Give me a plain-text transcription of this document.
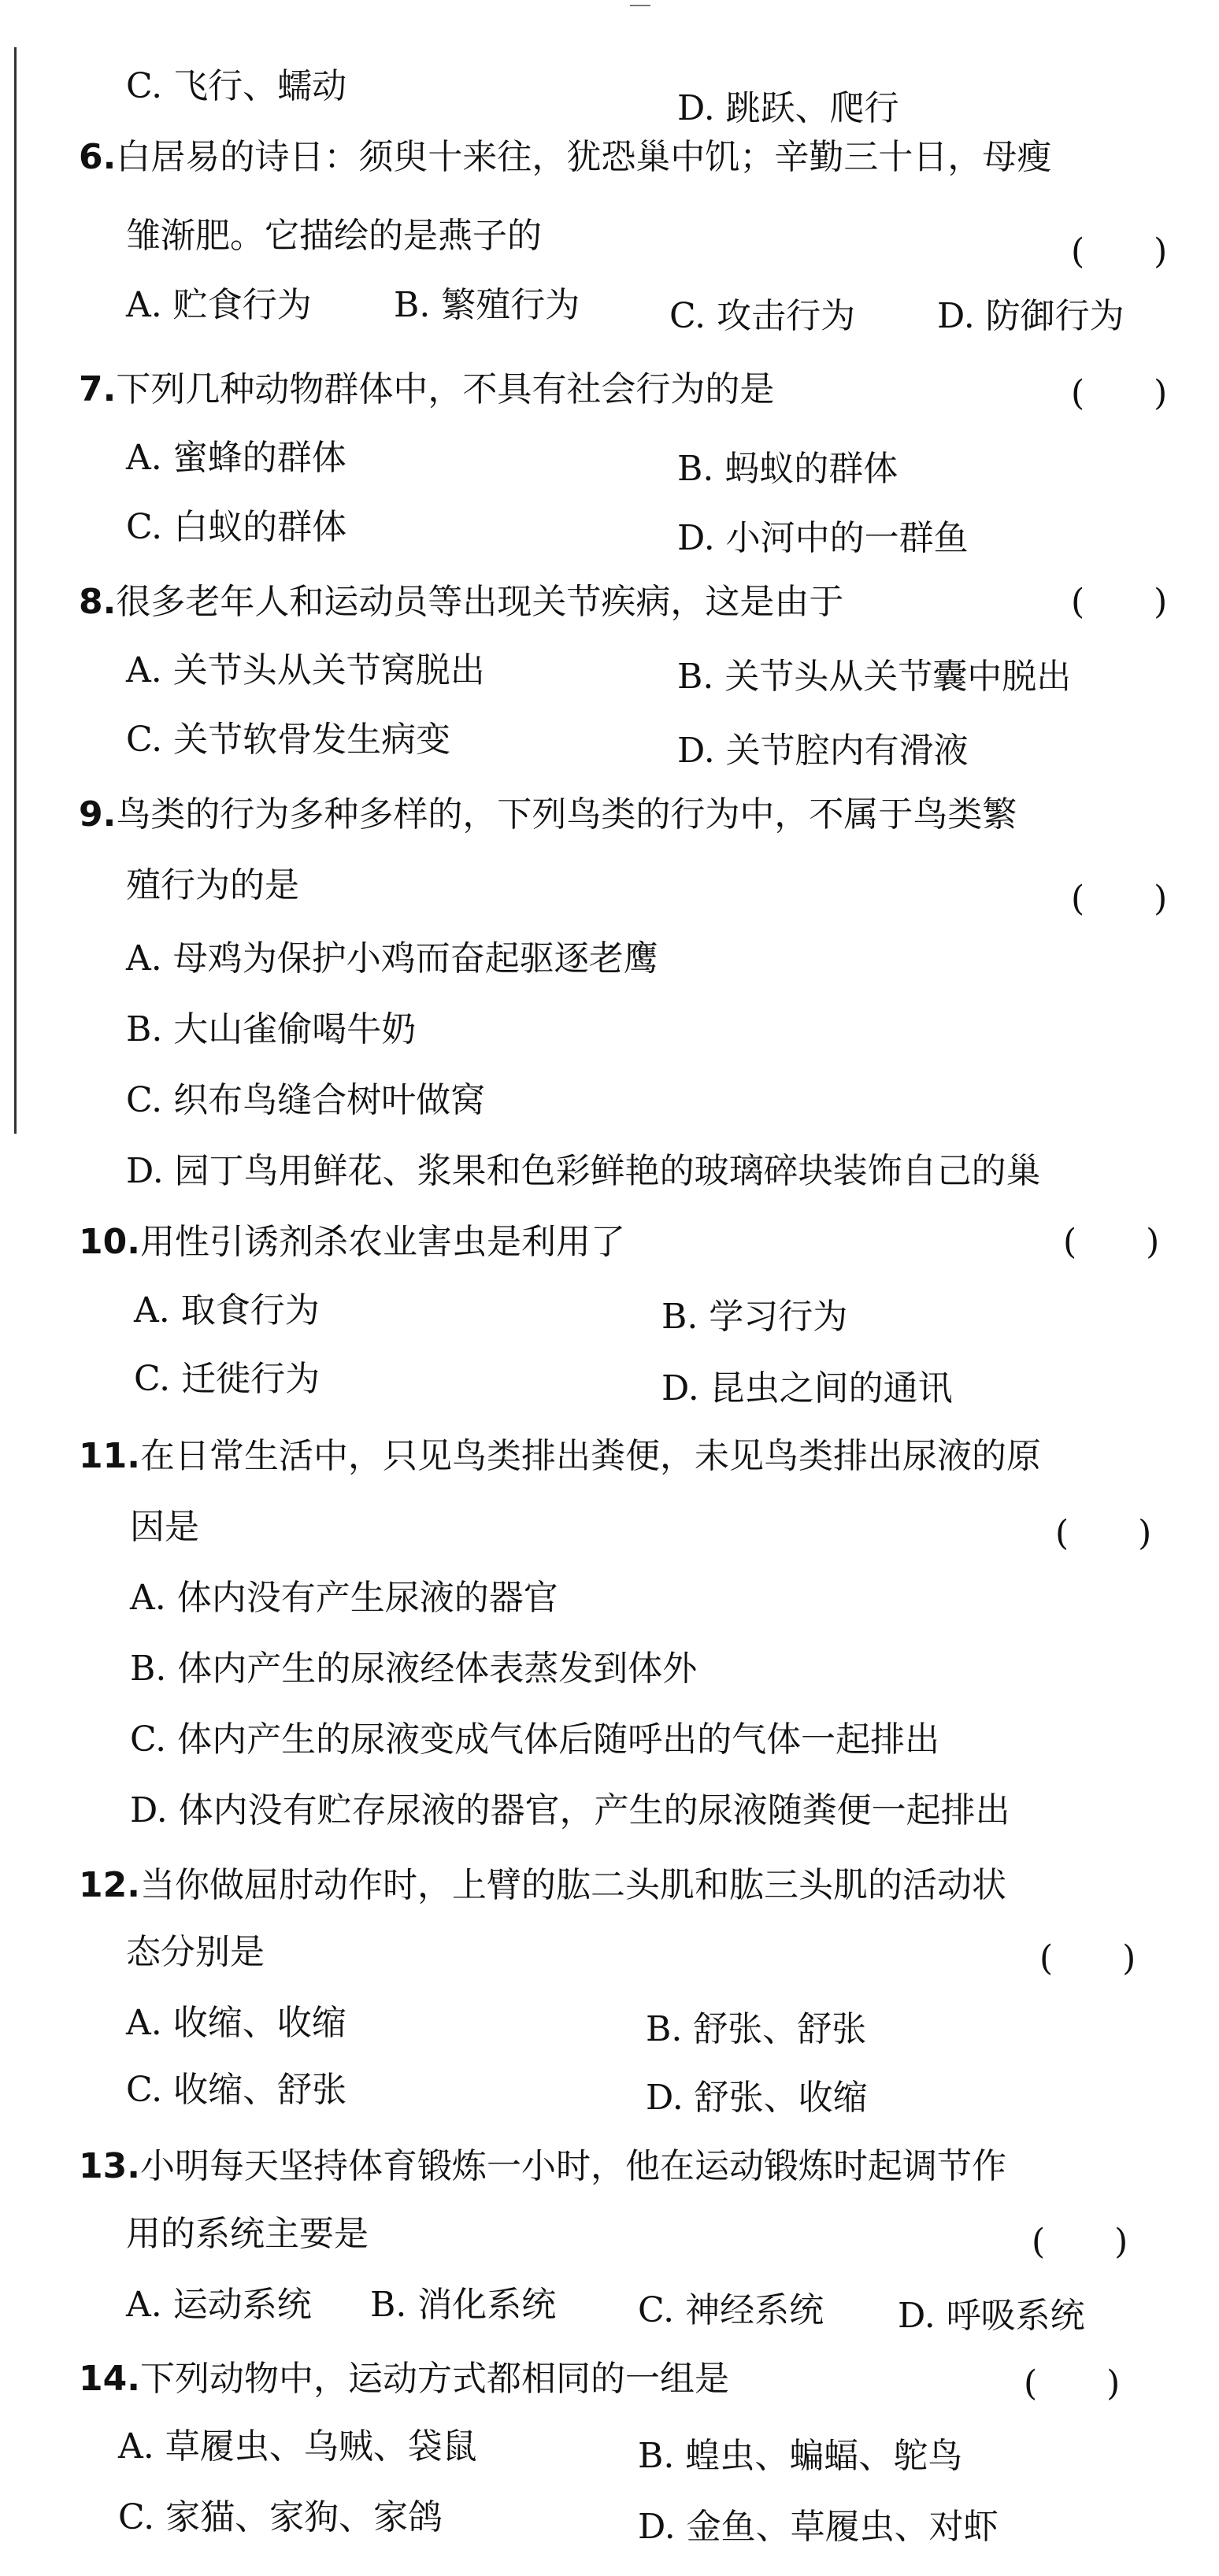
C. 飞行、蠕动
D. 跳跃、爬行
6.白居易的诗日：须臾十来往，犹恐巢中饥；辛勤三十日，母瘦
雏渐肥。它描绘的是燕子的	(　　)
A. 贮食行为 B. 繁殖行为	C. 攻击行为 D. 防御行为
7.下列几种动物群体中，不具有社会行为的是	(　　)
A. 蜜蜂的群体	B. 蚂蚁的群体
C. 白蚁的群体	D. 小河中的一群鱼
8.很多老年人和运动员等出现关节疾病，这是由于	(　　)
A. 关节头从关节窝脱出	B. 关节头从关节囊中脱出
C. 关节软骨发生病变	D. 关节腔内有滑液
9.鸟类的行为多种多样的，下列鸟类的行为中，不属于鸟类繁
殖行为的是	(　　)
A. 母鸡为保护小鸡而奋起驱逐老鹰
B. 大山雀偷喝牛奶
C. 织布鸟缝合树叶做窝
D. 园丁鸟用鲜花、浆果和色彩鲜艳的玻璃碎块装饰自己的巢
10.用性引诱剂杀农业害虫是利用了	(　　)
A. 取食行为	B. 学习行为
C. 迁徙行为	D. 昆虫之间的通讯
11.在日常生活中，只见鸟类排出粪便，未见鸟类排出尿液的原
因是	(　　)
A. 体内没有产生尿液的器官
B. 体内产生的尿液经体表蒸发到体外
C. 体内产生的尿液变成气体后随呼出的气体一起排出
D. 体内没有贮存尿液的器官，产生的尿液随粪便一起排出
12.当你做屈肘动作时，上臂的肱二头肌和肱三头肌的活动状
态分别是	(　　)
A. 收缩、收缩	B. 舒张、舒张
C. 收缩、舒张	D. 舒张、收缩
13.小明每天坚持体育锻炼一小时，他在运动锻炼时起调节作
用的系统主要是	(　　)
A. 运动系统 B. 消化系统 C. 神经系统 D. 呼吸系统
14.下列动物中，运动方式都相同的一组是	(　　)
A. 草履虫、乌贼、袋鼠	B. 蝗虫、蝙蝠、鸵鸟
C. 家猫、家狗、家鸽	D. 金鱼、草履虫、对虾
